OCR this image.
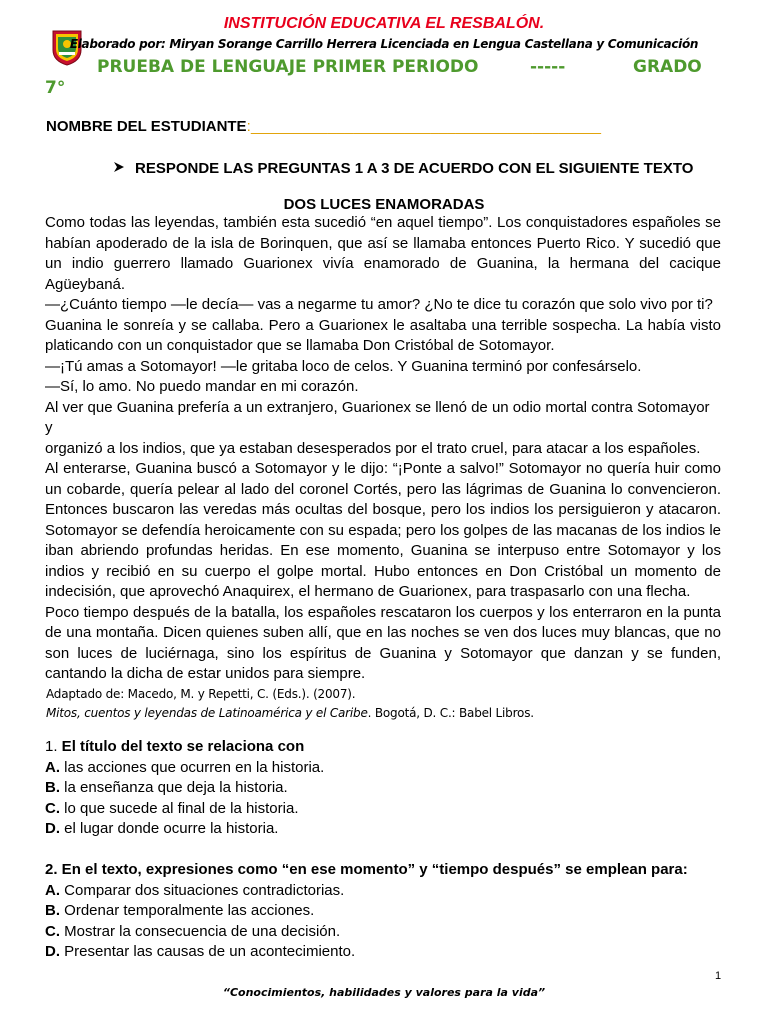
INSTITUCIÓN EDUCATIVA EL RESBALÓN.
Elaborado por: Miryan Sorange Carrillo Herrera Licenciada en Lengua Castellana y Comunicación
PRUEBA DE LENGUAJE PRIMER PERIODO	-----	GRADO
7°
NOMBRE DEL ESTUDIANTE:_________________________________________
RESPONDE LAS PREGUNTAS 1 A 3 DE ACUERDO CON EL SIGUIENTE TEXTO
DOS LUCES ENAMORADAS

Como todas las leyendas, también esta sucedió “en aquel tiempo”. Los conquistadores españoles se habían apoderado de la isla de Borinquen, que así se llamaba entonces Puerto Rico. Y sucedió que un indio guerrero llamado Guarionex vivía enamorado de Guanina, la hermana del cacique Agüeybaná.

—¿Cuánto tiempo —le decía— vas a negarme tu amor? ¿No te dice tu corazón que solo vivo por ti?

Guanina le sonreía y se callaba. Pero a Guarionex le asaltaba una terrible sospecha. La había visto platicando con un conquistador que se llamaba Don Cristóbal de Sotomayor.

—¡Tú amas a Sotomayor! —le gritaba loco de celos. Y Guanina terminó por confesárselo.

—Sí, lo amo. No puedo mandar en mi corazón.

Al ver que Guanina prefería a un extranjero, Guarionex se llenó de un odio mortal contra Sotomayor y

organizó a los indios, que ya estaban desesperados por el trato cruel, para atacar a los españoles.

Al enterarse, Guanina buscó a Sotomayor y le dijo: “¡Ponte a salvo!” Sotomayor no quería huir como un cobarde, quería pelear al lado del coronel Cortés, pero las lágrimas de Guanina lo convencieron. Entonces buscaron las veredas más ocultas del bosque, pero los indios los persiguieron y atacaron. Sotomayor se defendía heroicamente con su espada; pero los golpes de las macanas de los indios le iban abriendo profundas heridas. En ese momento, Guanina se interpuso entre Sotomayor y los indios y recibió en su cuerpo el golpe mortal. Hubo entonces en Don Cristóbal un momento de indecisión, que aprovechó Anaquirex, el hermano de Guarionex, para traspasarlo con una flecha.

Poco tiempo después de la batalla, los españoles rescataron los cuerpos y los enterraron en la punta de una montaña. Dicen quienes suben allí, que en las noches se ven dos luces muy blancas, que no son luces de luciérnaga, sino los espíritus de Guanina y Sotomayor que danzan y se funden, cantando la dicha de estar unidos para siempre.

Adaptado de: Macedo, M. y Repetti, C. (Eds.). (2007).
Mitos, cuentos y leyendas de Latinoamérica y el Caribe. Bogotá, D. C.: Babel Libros.
1. El título del texto se relaciona con
A. las acciones que ocurren en la historia.
B. la enseñanza que deja la historia.
C. lo que sucede al final de la historia.
D. el lugar donde ocurre la historia.
2. En el texto, expresiones como “en ese momento” y “tiempo después” se emplean para:
A. Comparar dos situaciones contradictorias.
B. Ordenar temporalmente las acciones.
C. Mostrar la consecuencia de una decisión.
D. Presentar las causas de un acontecimiento.
1
“Conocimientos, habilidades y valores para la vida”
